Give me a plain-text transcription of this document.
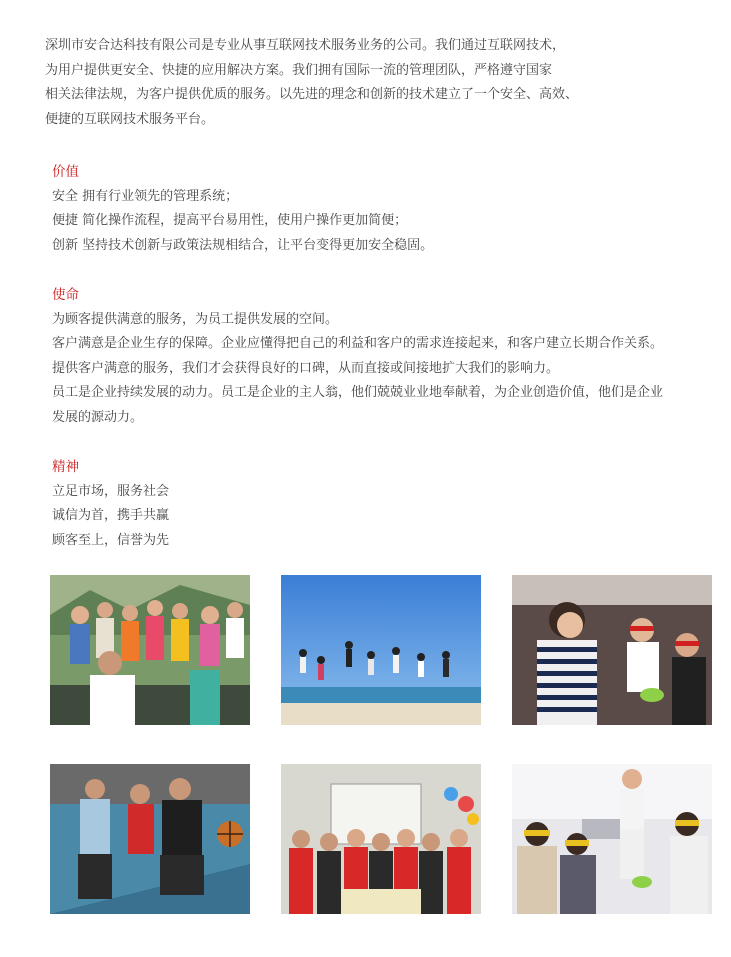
深圳市安合达科技有限公司是专业从事互联网技术服务业务的公司。我们通过互联网技术，

为用户提供更安全、快捷的应用解决方案。我们拥有国际一流的管理团队，严格遵守国家

相关法律法规，为客户提供优质的服务。以先进的理念和创新的技术建立了一个安全、高效、

便捷的互联网技术服务平台。

价值

安全 拥有行业领先的管理系统；

便捷 简化操作流程，提高平台易用性，使用户操作更加简便；

创新 坚持技术创新与政策法规相结合，让平台变得更加安全稳固。

使命

为顾客提供满意的服务，为员工提供发展的空间。

客户满意是企业生存的保障。企业应懂得把自己的利益和客户的需求连接起来，和客户建立长期合作关系。

提供客户满意的服务，我们才会获得良好的口碑，从而直接或间接地扩大我们的影响力。

员工是企业持续发展的动力。员工是企业的主人翁，他们兢兢业业地奉献着，为企业创造价值，他们是企业

发展的源动力。

精神

立足市场，服务社会

诚信为首，携手共赢

顾客至上，信誉为先
